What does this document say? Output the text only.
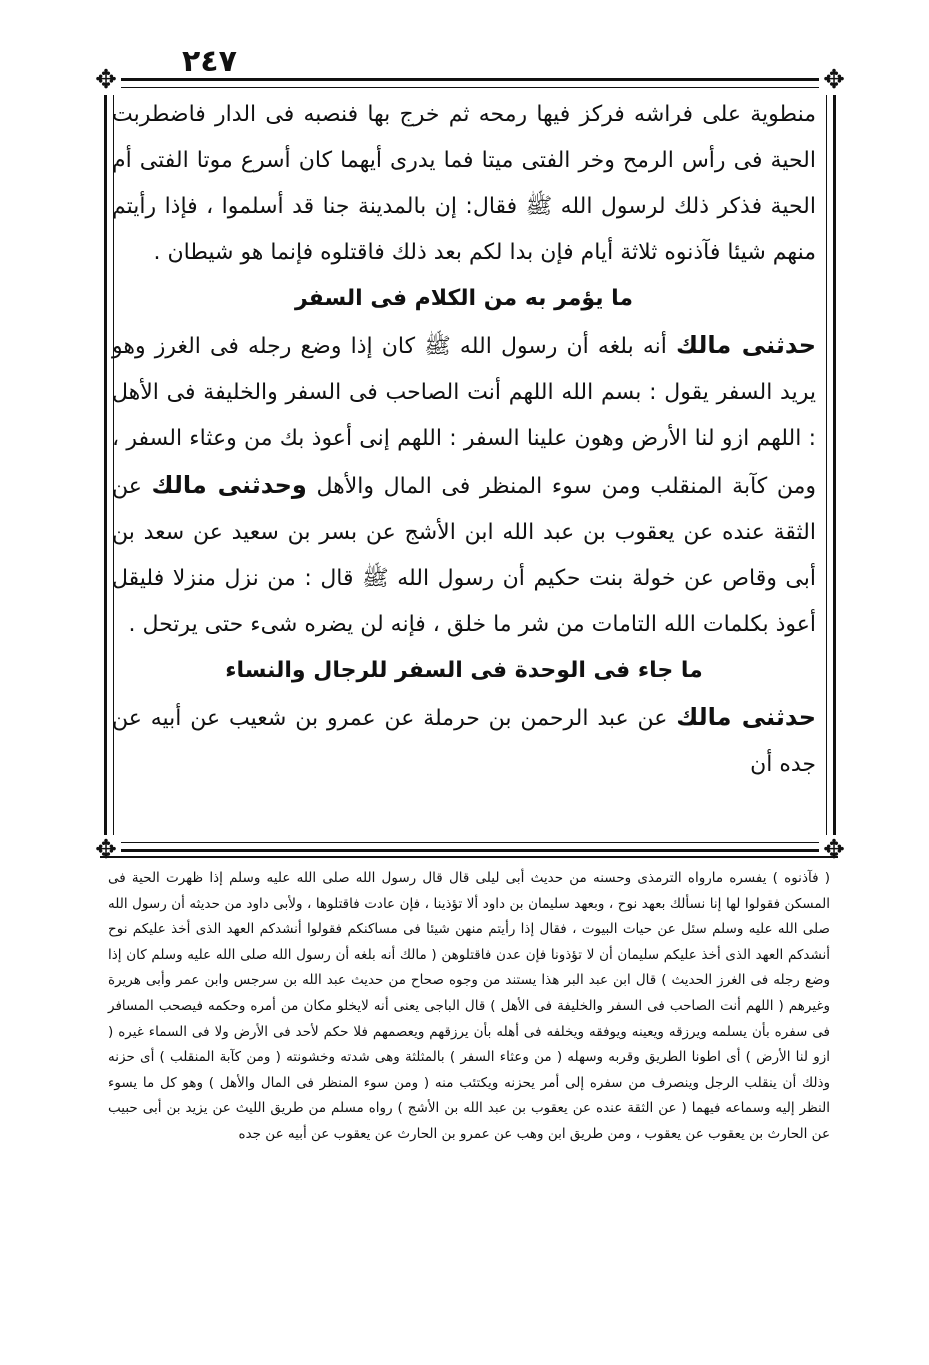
٢٤٧
✥	✥
✥	✥

منطوية على فراشه فركز فيها رمحه ثم خرج بها فنصبه فى الدار فاضطربت الحية فى رأس الرمح وخر الفتى ميتا فما يدرى أيهما كان أسرع موتا الفتى أم الحية فذكر ذلك لرسول الله ﷺ فقال: إن بالمدينة جنا قد أسلموا ، فإذا رأيتم منهم شيئا فآذنوه ثلاثة أيام فإن بدا لكم بعد ذلك فاقتلوه فإنما هو شيطان .

ما يؤمر به من الكلام فى السفر

حدثنى مالك أنه بلغه أن رسول الله ﷺ كان إذا وضع رجله فى الغرز وهو يريد السفر يقول : بسم الله اللهم أنت الصاحب فى السفر والخليفة فى الأهل : اللهم ازو لنا الأرض وهون علينا السفر : اللهم إنى أعوذ بك من وعثاء السفر ، ومن كآبة المنقلب ومن سوء المنظر فى المال والأهل وحدثنى مالك عن الثقة عنده عن يعقوب بن عبد الله ابن الأشج عن بسر بن سعيد عن سعد بن أبى وقاص عن خولة بنت حكيم أن رسول الله ﷺ قال : من نزل منزلا فليقل أعوذ بكلمات الله التامات من شر ما خلق ، فإنه لن يضره شىء حتى يرتحل .

ما جاء فى الوحدة فى السفر للرجال والنساء

حدثنى مالك عن عبد الرحمن بن حرملة عن عمرو بن شعيب عن أبيه عن جده أن

( فآذنوه ) يفسره مارواه الترمذى وحسنه من حديث أبى ليلى قال قال رسول الله صلى الله عليه وسلم إذا ظهرت الحية فى المسكن فقولوا لها إنا نسألك بعهد نوح ، وبعهد سليمان بن داود ألا تؤذينا ، فإن عادت فاقتلوها ، ولأبى داود من حديثه أن رسول الله صلى الله عليه وسلم سئل عن حيات البيوت ، فقال إذا رأيتم منهن شيئا فى مساكنكم فقولوا أنشدكم العهد الذى أخذ عليكم نوح أنشدكم العهد الذى أخذ عليكم سليمان أن لا تؤذونا فإن عدن فاقتلوهن ( مالك أنه بلغه أن رسول الله صلى الله عليه وسلم كان إذا وضع رجله فى الغرز الحديث ) قال ابن عبد البر هذا يستند من وجوه صحاح من حديث عبد الله بن سرجس وابن عمر وأبى هريرة وغيرهم ( اللهم أنت الصاحب فى السفر والخليفة فى الأهل ) قال الباجى يعنى أنه لايخلو مكان من أمره وحكمه فيصحب المسافر فى سفره بأن يسلمه ويرزقه ويعينه ويوفقه ويخلفه فى أهله بأن يرزقهم ويعصمهم فلا حكم لأحد فى الأرض ولا فى السماء غيره ( ازو لنا الأرض ) أى اطونا الطريق وقربه وسهله ( من وعثاء السفر ) بالمثلثة وهى شدته وخشونته ( ومن كآبة المنقلب ) أى حزنه وذلك أن ينقلب الرجل وينصرف من سفره إلى أمر يحزنه ويكتئب منه ( ومن سوء المنظر فى المال والأهل ) وهو كل ما يسوء النظر إليه وسماعه فيهما ( عن الثقة عنده عن يعقوب بن عبد الله بن الأشج ) رواه مسلم من طريق الليث عن يزيد بن أبى حبيب عن الحارث بن يعقوب عن يعقوب ، ومن طريق ابن وهب عن عمرو بن الحارث عن يعقوب عن أبيه عن جده
